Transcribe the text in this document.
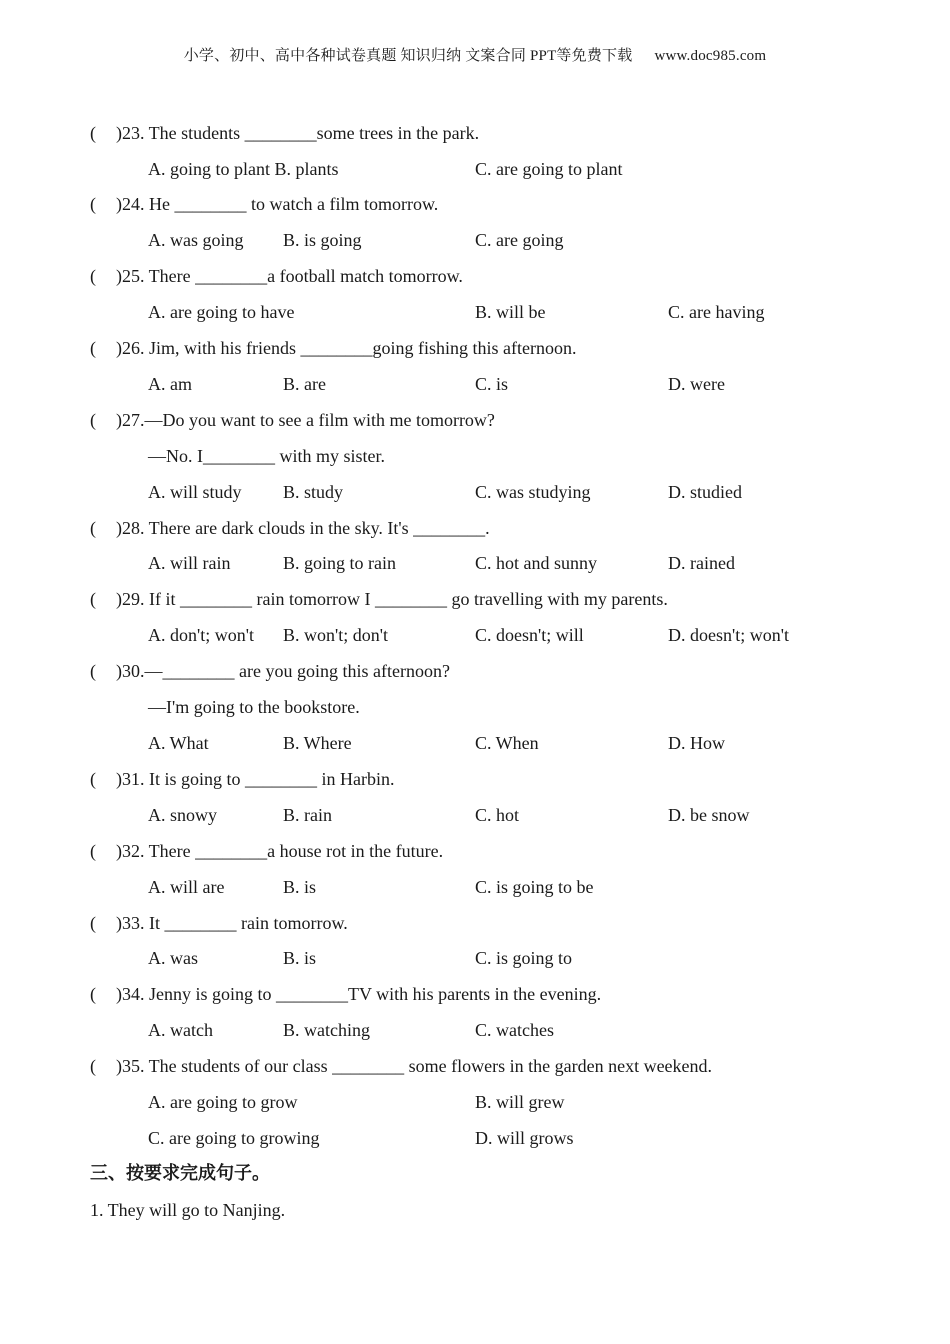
小学、初中、高中各种试卷真题 知识归纳 文案合同 PPT等免费下载 www.doc985.com
( )23. The students ________some trees in the park.
A. going to plant B. plants	C. are going to plant
( )24. He ________ to watch a film tomorrow.
A. was going B. is going	C. are going
( )25. There ________a football match tomorrow.
A. are going to have	B. will be	C. are having
( )26. Jim, with his friends ________going fishing this afternoon.
A. am	B. are	C. is	D. were
( )27.—Do you want to see a film with me tomorrow?
—No. I________ with my sister.
A. will study B. study	C. was studying	D. studied
( )28. There are dark clouds in the sky. It's ________.
A. will rain	B. going to rain	C. hot and sunny	D. rained
( )29. If it ________ rain tomorrow I ________ go travelling with my parents.
A. don't; won't B. won't; don't	C. doesn't; will	D. doesn't; won't
( )30.—________ are you going this afternoon?
—I'm going to the bookstore.
A. What	B. Where	C. When	D. How
( )31. It is going to ________ in Harbin.
A. snowy	B. rain	C. hot	D. be snow
( )32. There ________a house rot in the future.
A. will are	B. is	C. is going to be
( )33. It ________ rain tomorrow.
A. was	B. is	C. is going to
( )34. Jenny is going to ________TV with his parents in the evening.
A. watch	B. watching	C. watches
( )35. The students of our class ________ some flowers in the garden next weekend.
A. are going to grow	B. will grew
C. are going to growing	D. will grows
三、按要求完成句子。
1. They will go to Nanjing.
